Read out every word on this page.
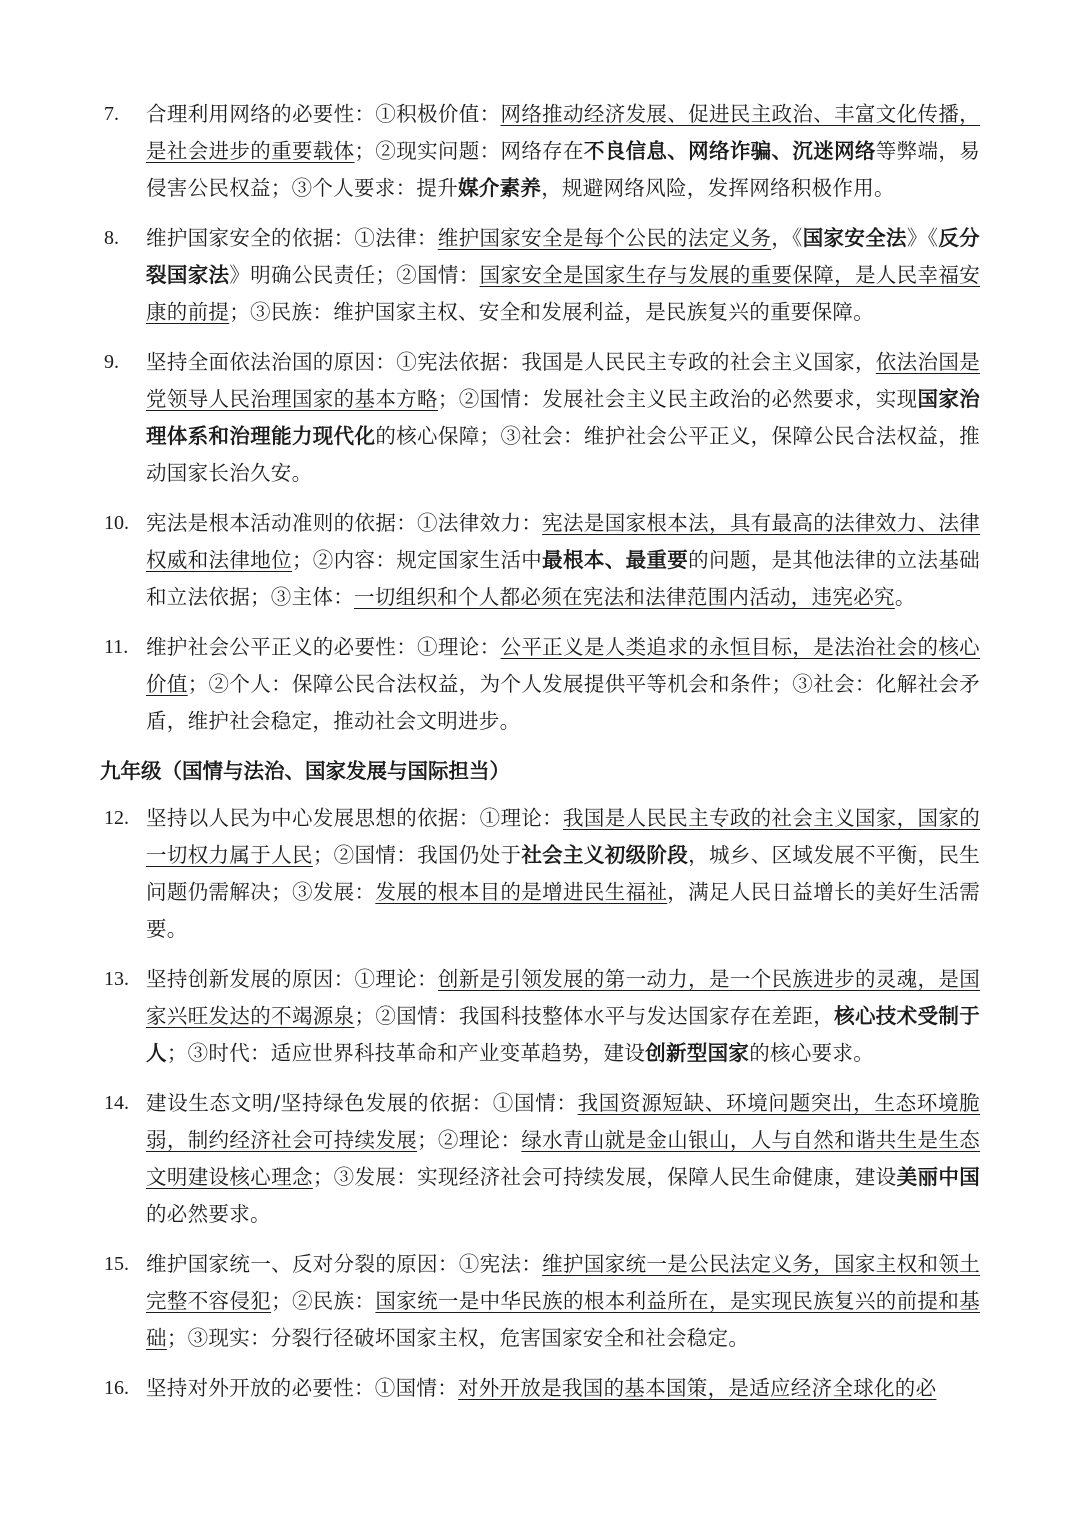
7.	合理利用网络的必要性：①积极价值：网络推动经济发展、促进民主政治、丰富文化传播，是社会进步的重要载体；②现实问题：网络存在不良信息、网络诈骗、沉迷网络等弊端，易侵害公民权益；③个人要求：提升媒介素养，规避网络风险，发挥网络积极作用。
8.	维护国家安全的依据：①法律：维护国家安全是每个公民的法定义务，《国家安全法》《反分裂国家法》明确公民责任；②国情：国家安全是国家生存与发展的重要保障，是人民幸福安康的前提；③民族：维护国家主权、安全和发展利益，是民族复兴的重要保障。
9.	坚持全面依法治国的原因：①宪法依据：我国是人民民主专政的社会主义国家，依法治国是党领导人民治理国家的基本方略；②国情：发展社会主义民主政治的必然要求，实现国家治理体系和治理能力现代化的核心保障；③社会：维护社会公平正义，保障公民合法权益，推动国家长治久安。
10. 宪法是根本活动准则的依据：①法律效力：宪法是国家根本法，具有最高的法律效力、法律权威和法律地位；②内容：规定国家生活中最根本、最重要的问题，是其他法律的立法基础和立法依据；③主体：一切组织和个人都必须在宪法和法律范围内活动，违宪必究。
11. 维护社会公平正义的必要性：①理论：公平正义是人类追求的永恒目标，是法治社会的核心价值；②个人：保障公民合法权益，为个人发展提供平等机会和条件；③社会：化解社会矛盾，维护社会稳定，推动社会文明进步。
九年级（国情与法治、国家发展与国际担当）
12. 坚持以人民为中心发展思想的依据：①理论：我国是人民民主专政的社会主义国家，国家的一切权力属于人民；②国情：我国仍处于社会主义初级阶段，城乡、区域发展不平衡，民生问题仍需解决；③发展：发展的根本目的是增进民生福祉，满足人民日益增长的美好生活需要。
13. 坚持创新发展的原因：①理论：创新是引领发展的第一动力，是一个民族进步的灵魂，是国家兴旺发达的不竭源泉；②国情：我国科技整体水平与发达国家存在差距，核心技术受制于人；③时代：适应世界科技革命和产业变革趋势，建设创新型国家的核心要求。
14. 建设生态文明/坚持绿色发展的依据：①国情：我国资源短缺、环境问题突出，生态环境脆弱，制约经济社会可持续发展；②理论：绿水青山就是金山银山，人与自然和谐共生是生态文明建设核心理念；③发展：实现经济社会可持续发展，保障人民生命健康，建设美丽中国的必然要求。
15. 维护国家统一、反对分裂的原因：①宪法：维护国家统一是公民法定义务，国家主权和领土完整不容侵犯；②民族：国家统一是中华民族的根本利益所在，是实现民族复兴的前提和基础；③现实：分裂行径破坏国家主权，危害国家安全和社会稳定。
16. 坚持对外开放的必要性：①国情：对外开放是我国的基本国策，是适应经济全球化的必
